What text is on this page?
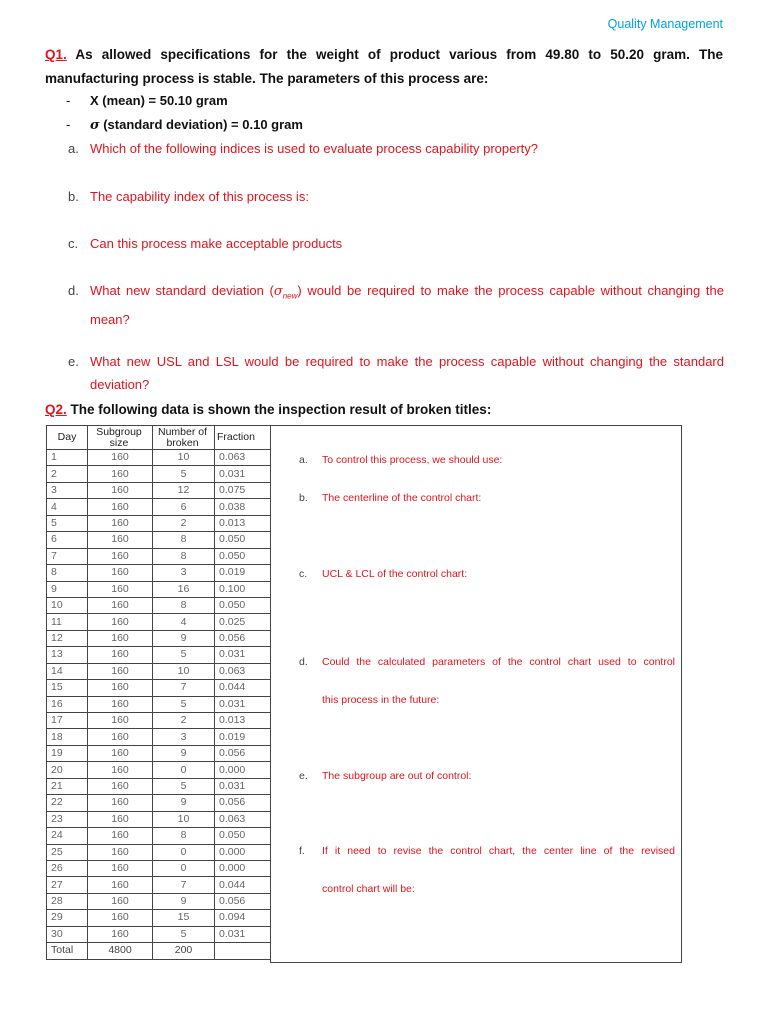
Quality Management
Q1. As allowed specifications for the weight of product various from 49.80 to 50.20 gram. The
manufacturing process is stable. The parameters of this process are:
- X (mean) = 50.10 gram
- σ (standard deviation) = 0.10 gram
a. Which of the following indices is used to evaluate process capability property?
b. The capability index of this process is:
c. Can this process make acceptable products
d. What new standard deviation $(\sigma_{new})$ would be required to make the process capable without changing the mean?
e. What new USL and LSL would be required to make the process capable without changing the standard deviation?
Q2. The following data is shown the inspection result of broken titles:
Day	Subgroup size	Number of broken	Fraction
1	160	10	0.063
2	160	5	0.031
3	160	12	0.075
4	160	6	0.038
5	160	2	0.013
6	160	8	0.050
7	160	8	0.050
8	160	3	0.019
9	160	16	0.100
10	160	8	0.050
11	160	4	0.025
12	160	9	0.056
13	160	5	0.031
14	160	10	0.063
15	160	7	0.044
16	160	5	0.031
17	160	2	0.013
18	160	3	0.019
19	160	9	0.056
20	160	0	0.000
21	160	5	0.031
22	160	9	0.056
23	160	10	0.063
24	160	8	0.050
25	160	0	0.000
26	160	0	0.000
27	160	7	0.044
28	160	9	0.056
29	160	15	0.094
30	160	5	0.031
Total	4800	200	
a. To control this process, we should use:
b. The centerline of the control chart:
c. UCL & LCL of the control chart:
d. Could the calculated parameters of the control chart used to control
this process in the future:
e. The subgroup are out of control:
f. If it need to revise the control chart, the center line of the revised
control chart will be:
